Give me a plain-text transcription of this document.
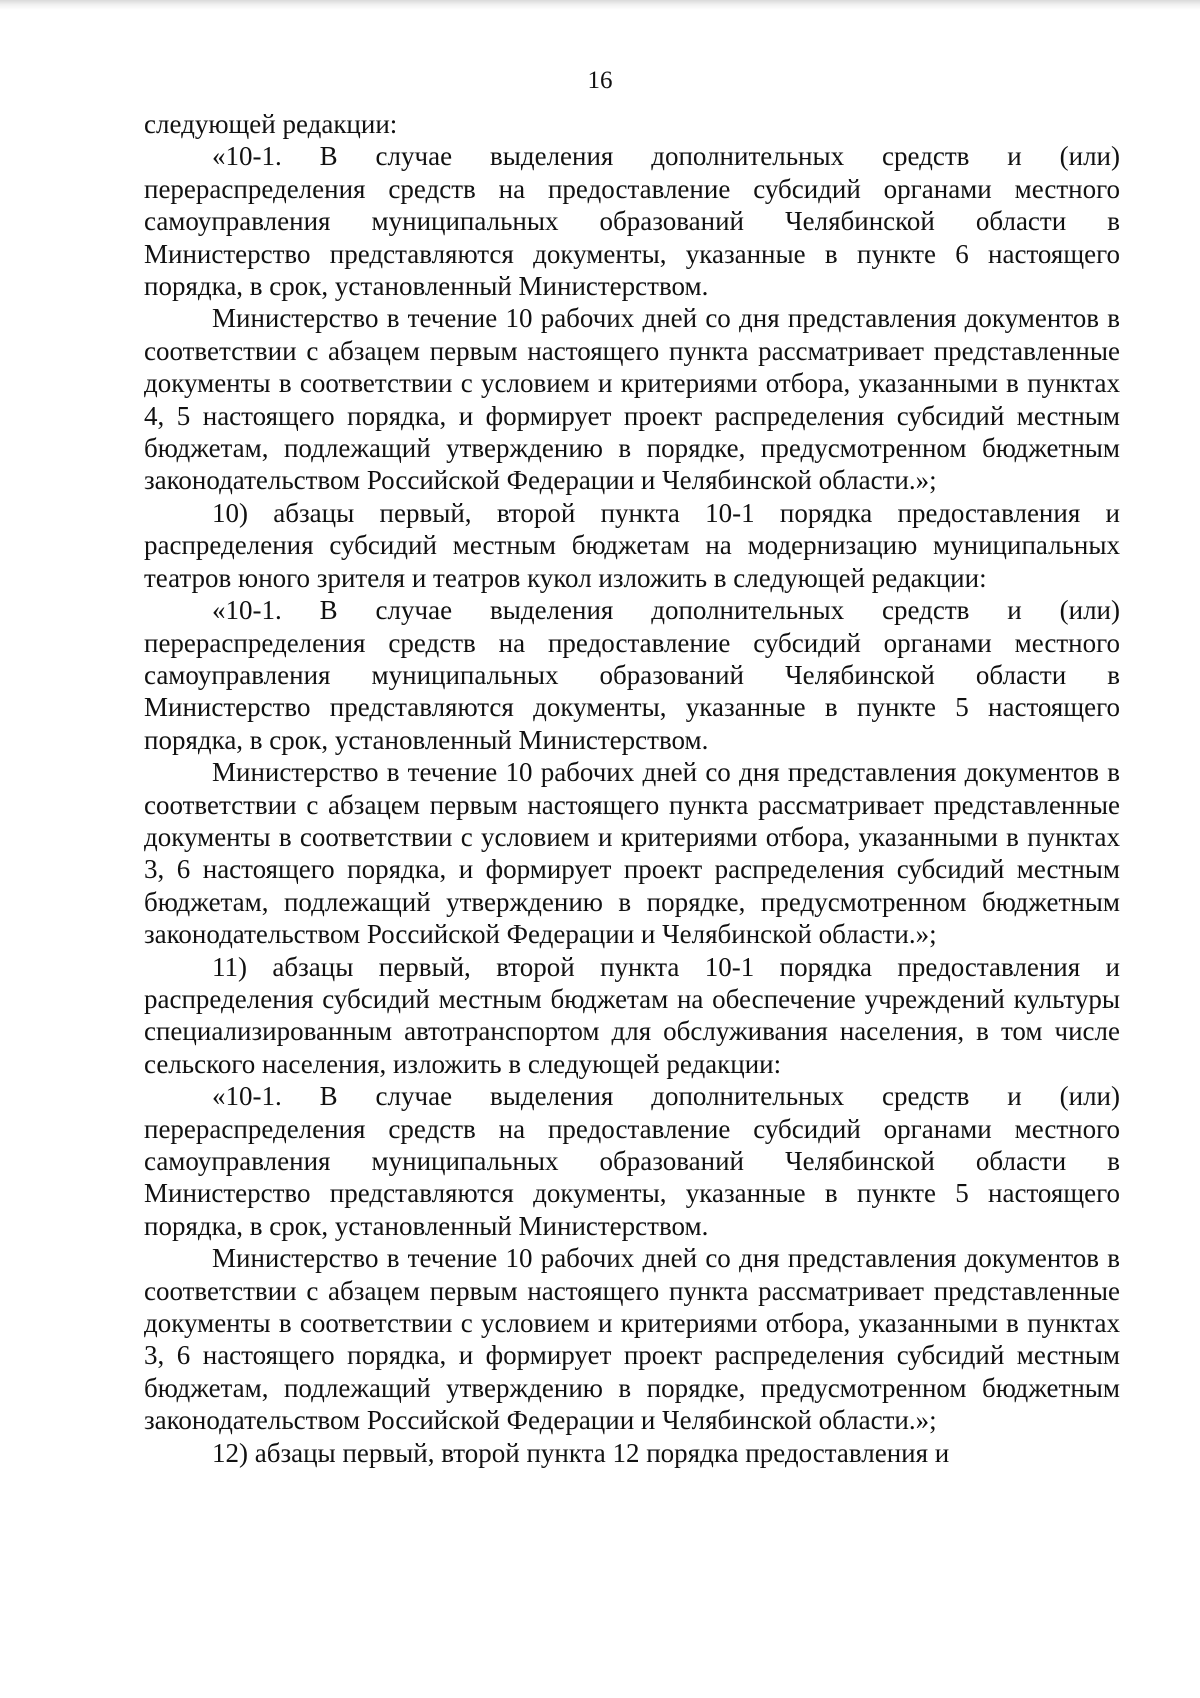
16

следующей редакции:

«10-1. В случае выделения дополнительных средств и (или) перераспределения средств на предоставление субсидий органами местного самоуправления муниципальных образований Челябинской области в Министерство представляются документы, указанные в пункте 6 настоящего порядка, в срок, установленный Министерством.

Министерство в течение 10 рабочих дней со дня представления документов в соответствии с абзацем первым настоящего пункта рассматривает представленные документы в соответствии с условием и критериями отбора, указанными в пунктах 4, 5 настоящего порядка, и формирует проект распределения субсидий местным бюджетам, подлежащий утверждению в порядке, предусмотренном бюджетным законодательством Российской Федерации и Челябинской области.»;

10) абзацы первый, второй пункта 10-1 порядка предоставления и распределения субсидий местным бюджетам на модернизацию муниципальных театров юного зрителя и театров кукол изложить в следующей редакции:

«10-1. В случае выделения дополнительных средств и (или) перераспределения средств на предоставление субсидий органами местного самоуправления муниципальных образований Челябинской области в Министерство представляются документы, указанные в пункте 5 настоящего порядка, в срок, установленный Министерством.

Министерство в течение 10 рабочих дней со дня представления документов в соответствии с абзацем первым настоящего пункта рассматривает представленные документы в соответствии с условием и критериями отбора, указанными в пунктах 3, 6 настоящего порядка, и формирует проект распределения субсидий местным бюджетам, подлежащий утверждению в порядке, предусмотренном бюджетным законодательством Российской Федерации и Челябинской области.»;

11) абзацы первый, второй пункта 10-1 порядка предоставления и распределения субсидий местным бюджетам на обеспечение учреждений культуры специализированным автотранспортом для обслуживания населения, в том числе сельского населения, изложить в следующей редакции:

«10-1. В случае выделения дополнительных средств и (или) перераспределения средств на предоставление субсидий органами местного самоуправления муниципальных образований Челябинской области в Министерство представляются документы, указанные в пункте 5 настоящего порядка, в срок, установленный Министерством.

Министерство в течение 10 рабочих дней со дня представления документов в соответствии с абзацем первым настоящего пункта рассматривает представленные документы в соответствии с условием и критериями отбора, указанными в пунктах 3, 6 настоящего порядка, и формирует проект распределения субсидий местным бюджетам, подлежащий утверждению в порядке, предусмотренном бюджетным законодательством Российской Федерации и Челябинской области.»;

12) абзацы первый, второй пункта 12 порядка предоставления и
